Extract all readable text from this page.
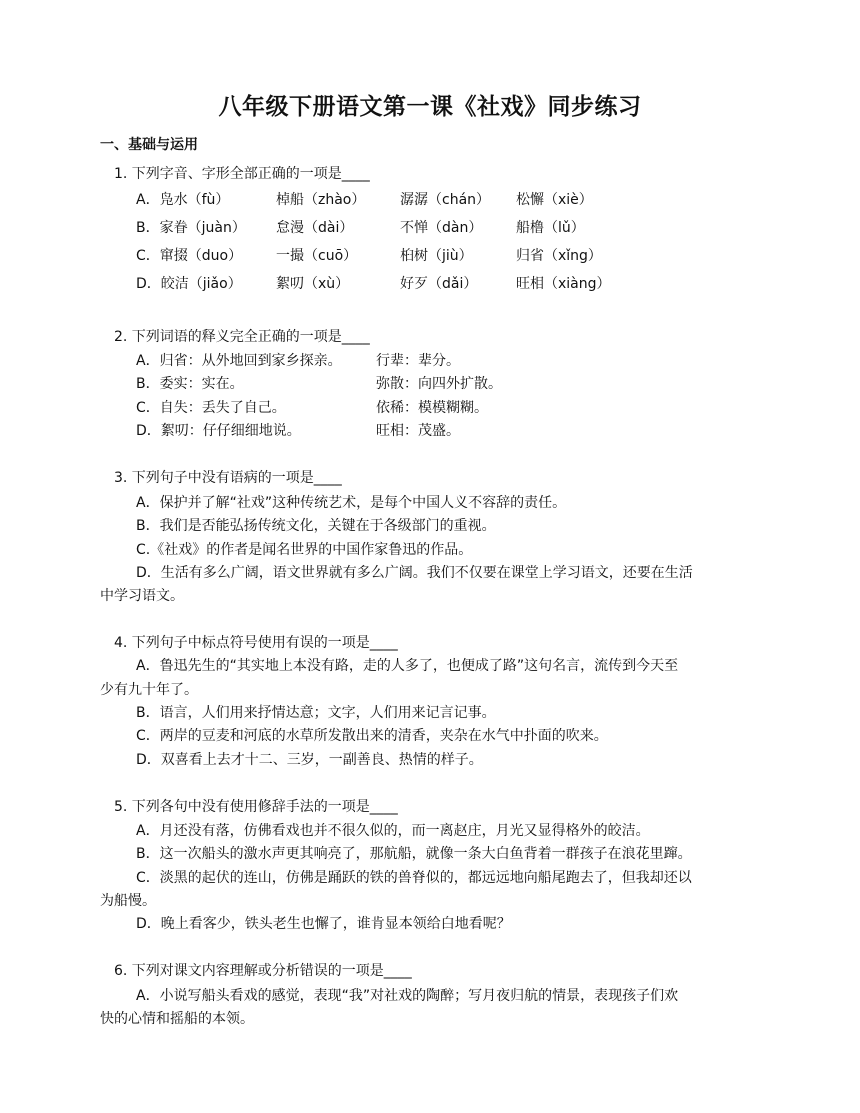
八年级下册语文第一课《社戏》同步练习
一、基础与运用
1. 下列字音、字形全部正确的一项是____
A．凫水（fù）	棹船（zhào） 潺潺（chán） 松懈（xiè）
B．家眷（juàn） 怠漫（dài）	不惮（dàn） 船橹（lǔ）
C．窜掇（duo） 一撮（cuō）	桕树（jiù）	归省（xǐng）
D．皎洁（jiǎo） 絮叨（xù）	好歹（dǎi）	旺相（xiàng）
2. 下列词语的释义完全正确的一项是____
A．归省：从外地回到家乡探亲。 行辈：辈分。
B．委实：实在。	弥散：向四外扩散。
C．自失：丢失了自己。	依稀：模模糊糊。
D．絮叨：仔仔细细地说。	旺相：茂盛。
3. 下列句子中没有语病的一项是____
A．保护并了解“社戏”这种传统艺术，是每个中国人义不容辞的责任。
B．我们是否能弘扬传统文化，关键在于各级部门的重视。
C.《社戏》的作者是闻名世界的中国作家鲁迅的作品。
D．生活有多么广阔，语文世界就有多么广阔。我们不仅要在课堂上学习语文，还要在生活
中学习语文。
4. 下列句子中标点符号使用有误的一项是____
A．鲁迅先生的“其实地上本没有路，走的人多了，也便成了路”这句名言，流传到今天至
少有九十年了。
B．语言，人们用来抒情达意；文字，人们用来记言记事。
C．两岸的豆麦和河底的水草所发散出来的清香，夹杂在水气中扑面的吹来。
D．双喜看上去才十二、三岁，一副善良、热情的样子。
5. 下列各句中没有使用修辞手法的一项是____
A．月还没有落，仿佛看戏也并不很久似的，而一离赵庄，月光又显得格外的皎洁。
B．这一次船头的激水声更其响亮了，那航船，就像一条大白鱼背着一群孩子在浪花里蹿。
C．淡黑的起伏的连山，仿佛是踊跃的铁的兽脊似的，都远远地向船尾跑去了，但我却还以
为船慢。
D．晚上看客少，铁头老生也懈了，谁肯显本领给白地看呢？
6. 下列对课文内容理解或分析错误的一项是____
A．小说写船头看戏的感觉，表现“我”对社戏的陶醉；写月夜归航的情景，表现孩子们欢
快的心情和摇船的本领。
